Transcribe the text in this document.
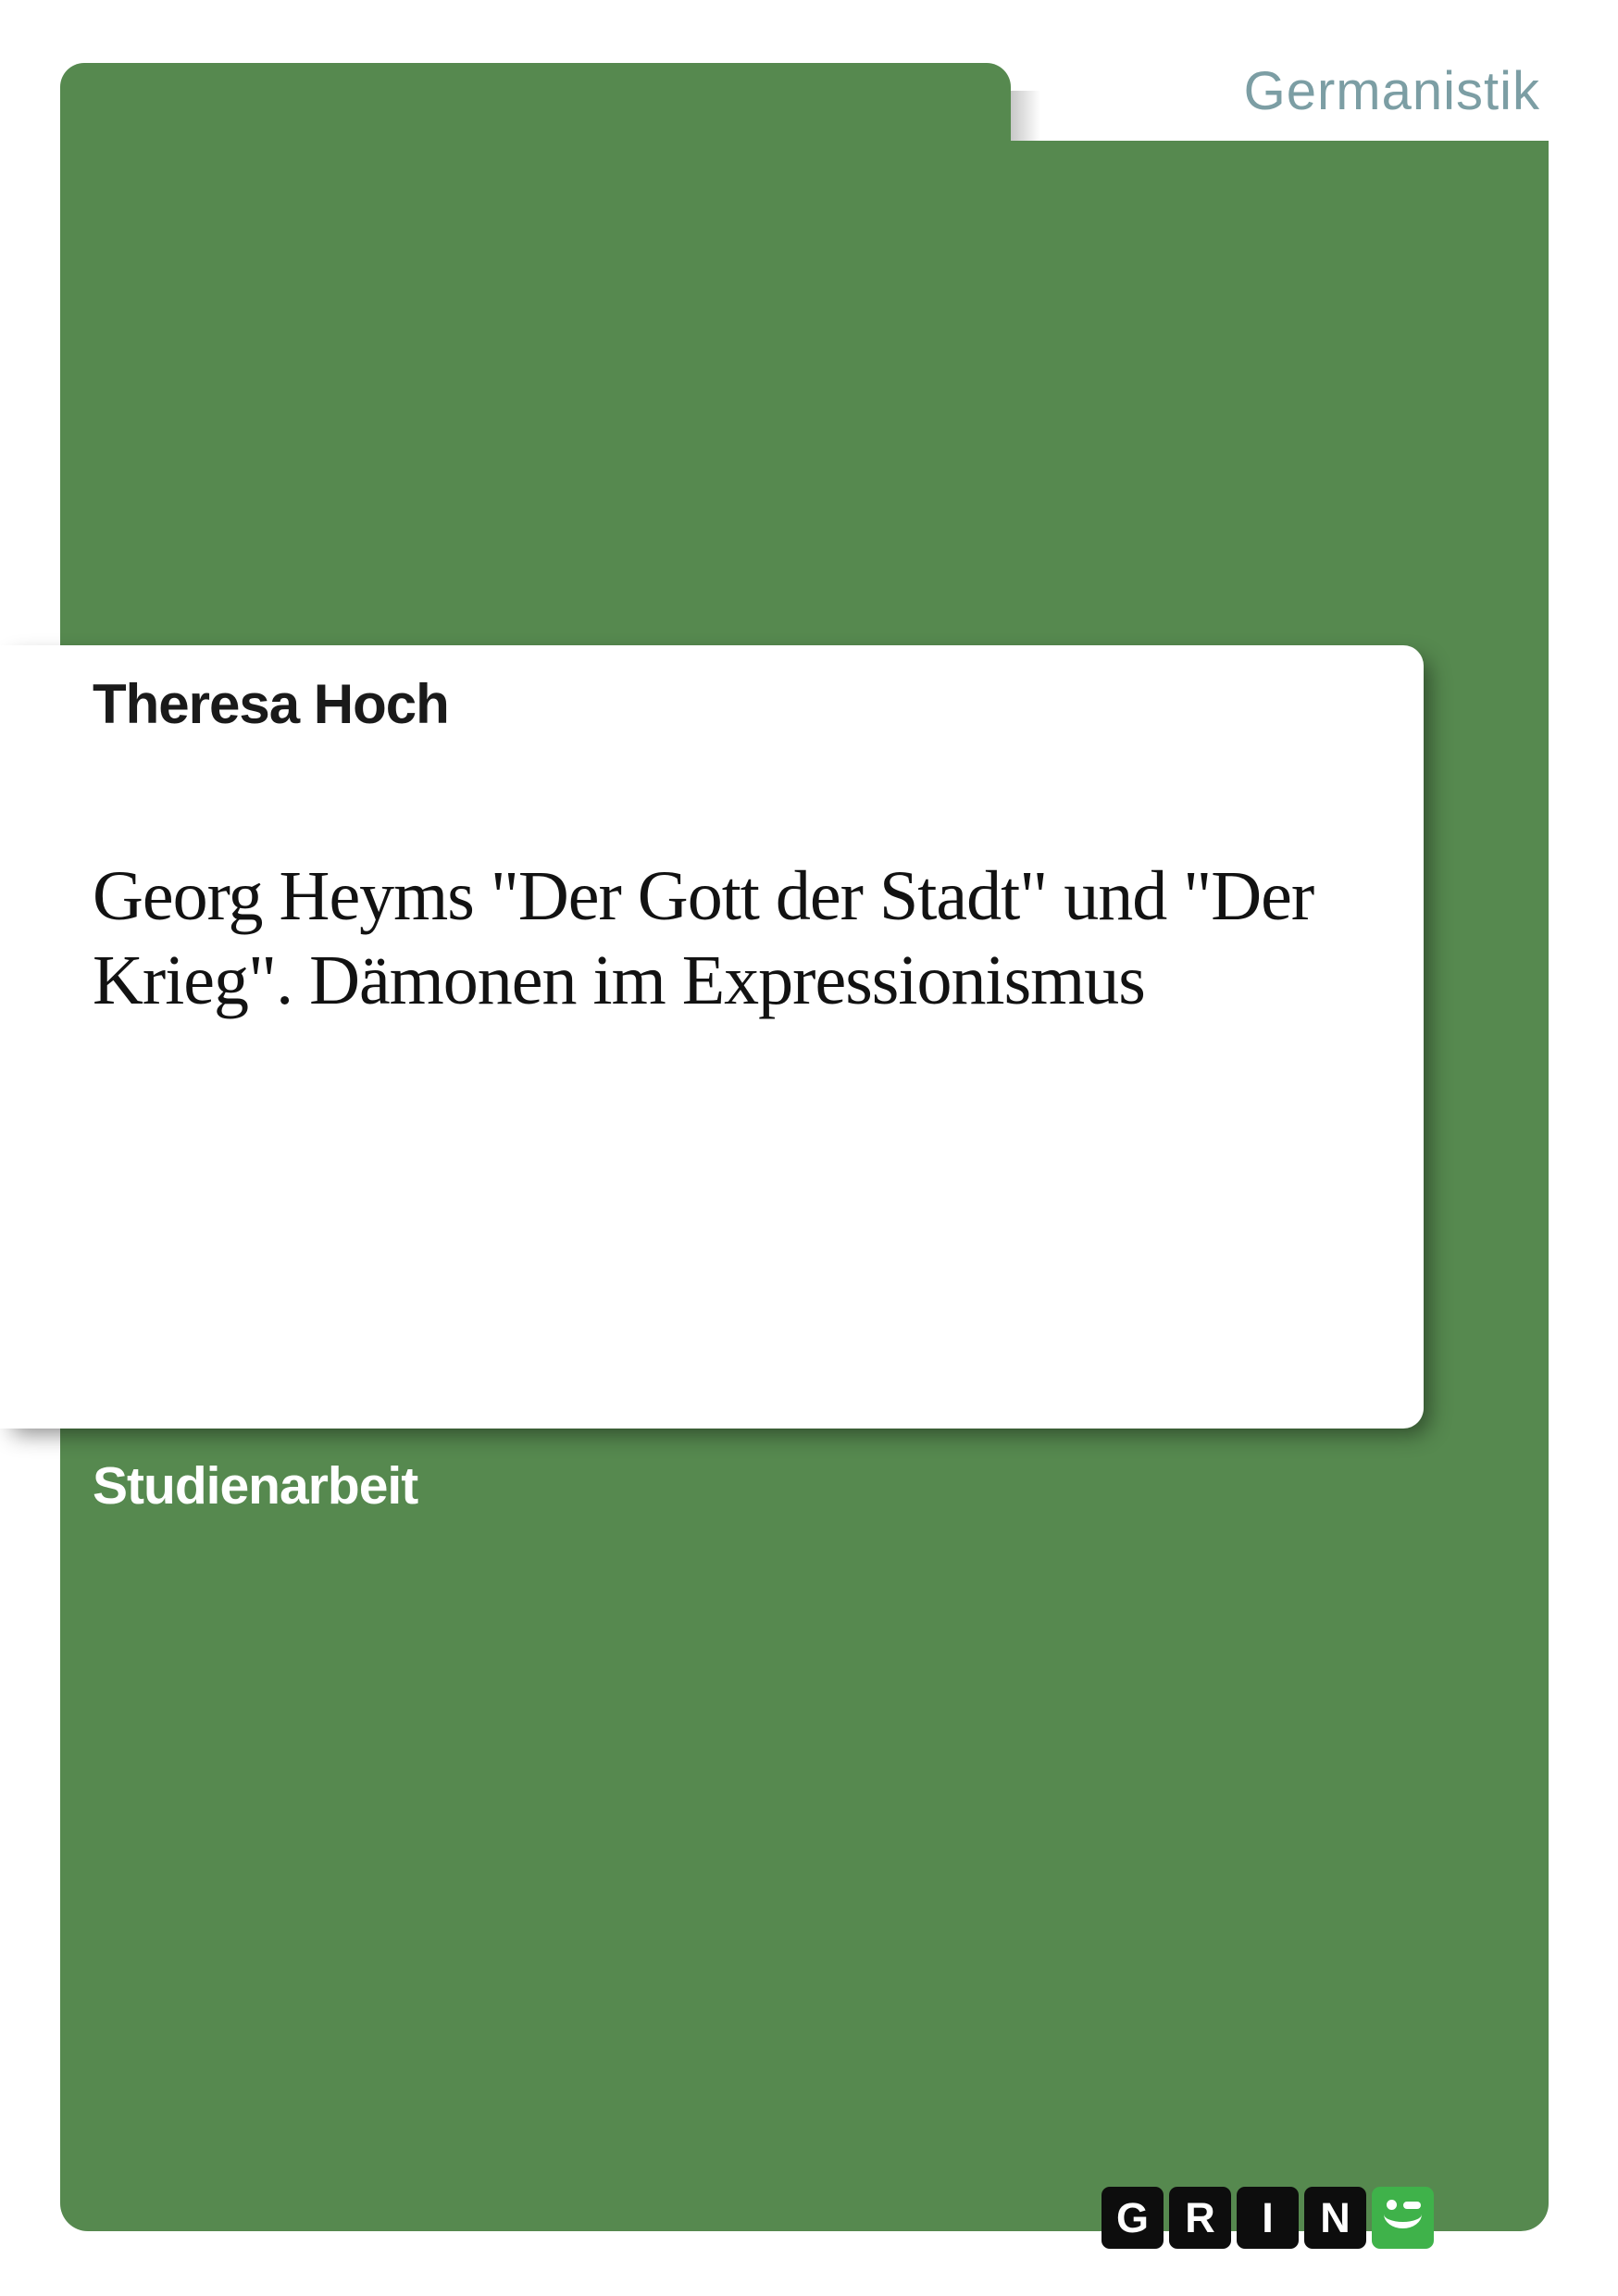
Germanistik
Theresa Hoch
Georg Heyms "Der Gott der Stadt" und "Der
Krieg". Dämonen im Expressionismus
Studienarbeit
G R	I	N
